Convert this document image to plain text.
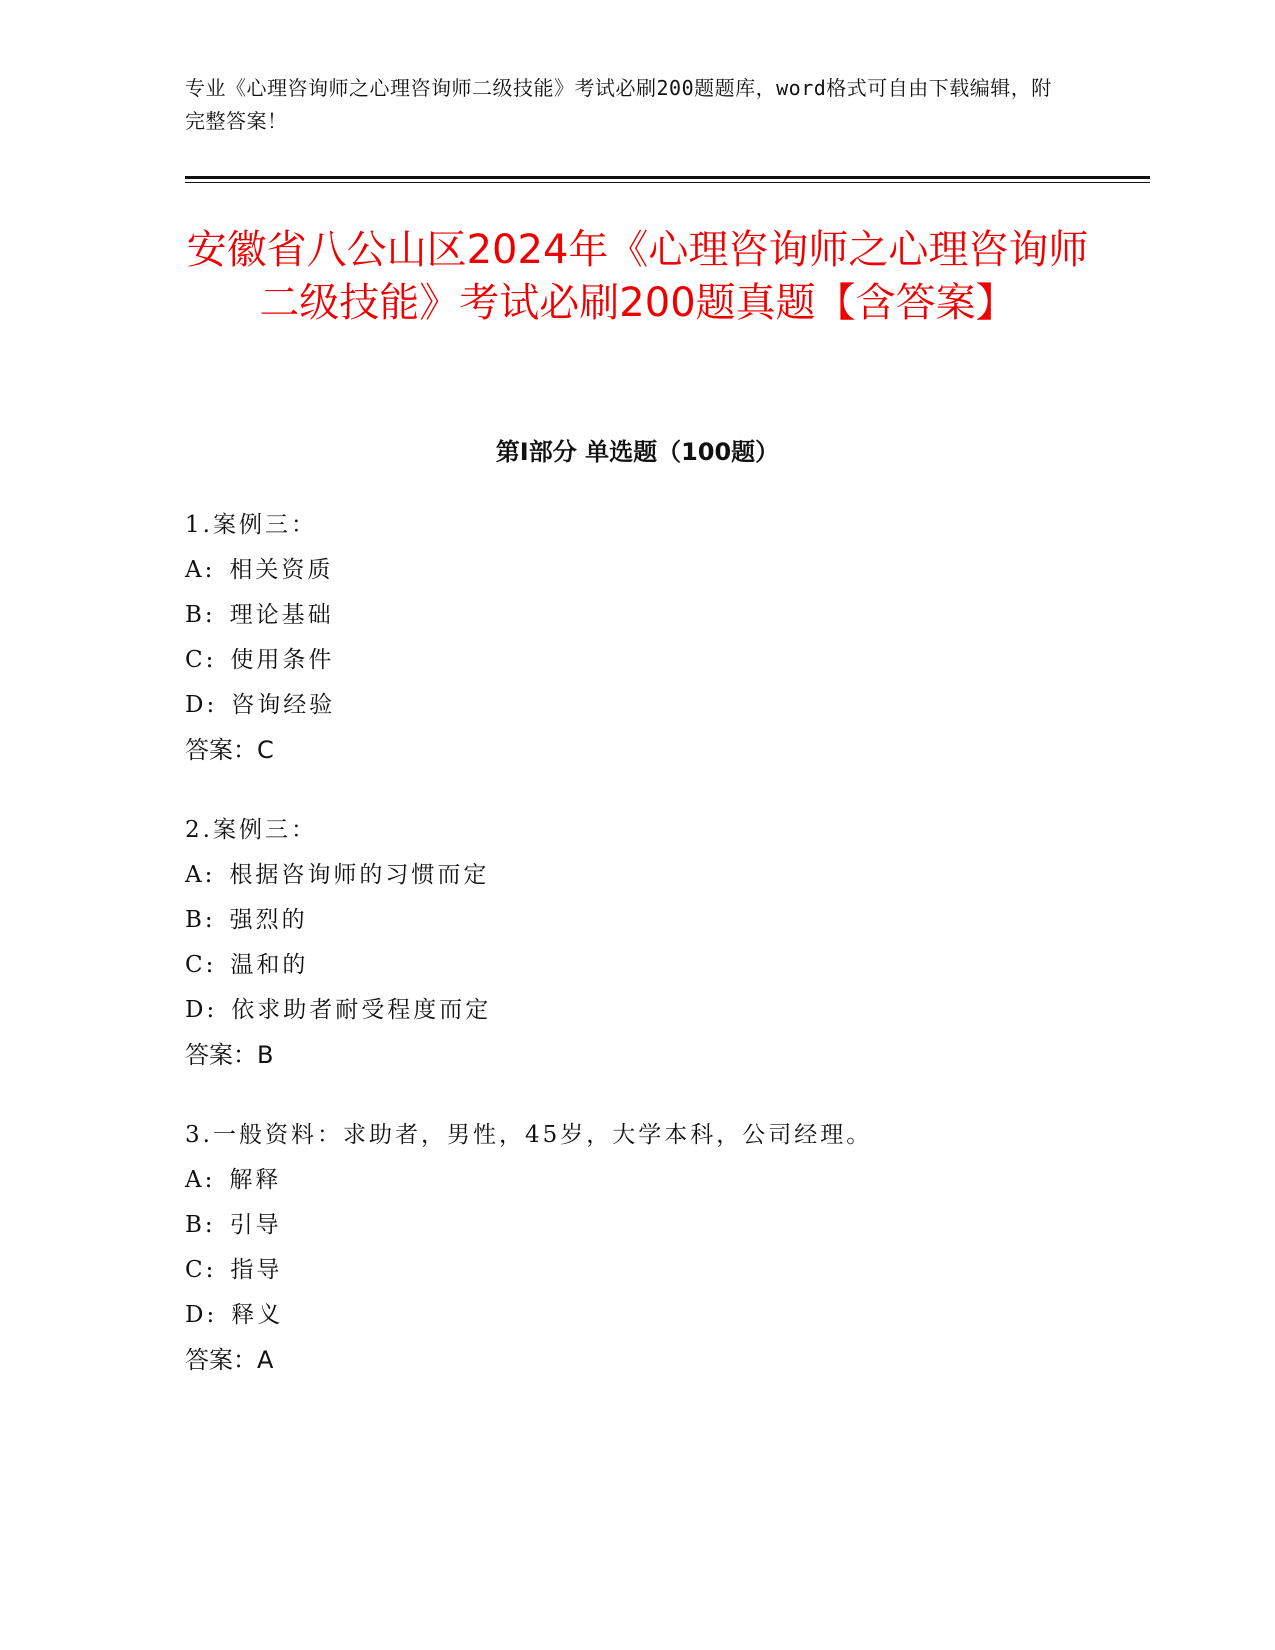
专业《心理咨询师之心理咨询师二级技能》考试必刷200题题库，word格式可自由下载编辑，附完整答案！
安徽省八公山区2024年《心理咨询师之心理咨询师二级技能》考试必刷200题真题【含答案】
第Ⅰ部分 单选题（100题）
1.案例三：
A: 相关资质
B: 理论基础
C: 使用条件
D: 咨询经验
答案：C
2.案例三：
A: 根据咨询师的习惯而定
B: 强烈的
C: 温和的
D: 依求助者耐受程度而定
答案：B
3.一般资料：求助者，男性，45岁，大学本科，公司经理。
A: 解释
B: 引导
C: 指导
D: 释义
答案：A
